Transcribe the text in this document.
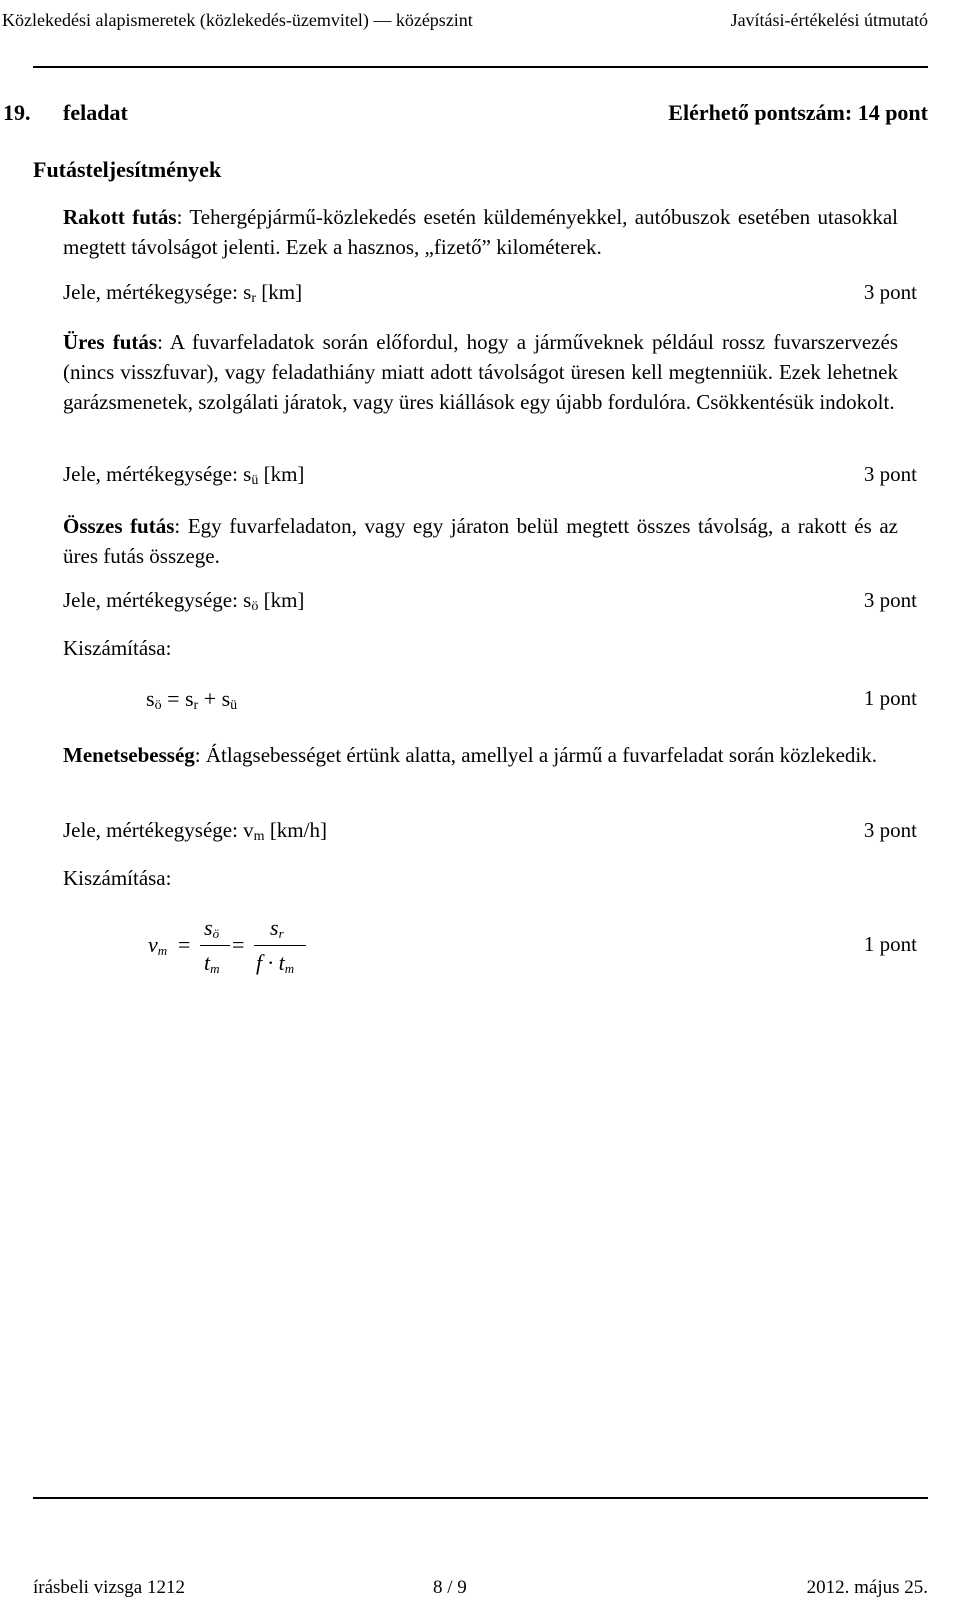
Közlekedési alapismeretek (közlekedés-üzemvitel) — középszint	Javítási-értékelési útmutató
19. feladat	Elérhető pontszám: 14 pont
Futásteljesítmények
Rakott futás: Tehergépjármű-közlekedés esetén küldeményekkel, autóbuszok esetében utasokkal megtett távolságot jelenti. Ezek a hasznos, „fizető” kilométerek.
Jele, mértékegysége: $s_r$ [km]	3 pont
Üres futás: A fuvarfeladatok során előfordul, hogy a járműveknek például rossz fuvarszervezés (nincs visszfuvar), vagy feladathiány miatt adott távolságot üresen kell megtenniük. Ezek lehetnek garázsmenetek, szolgálati járatok, vagy üres kiállások egy újabb fordulóra. Csökkentésük indokolt.
Jele, mértékegysége: $s_ü$ [km]	3 pont
Összes futás: Egy fuvarfeladaton, vagy egy járaton belül megtett összes távolság, a rakott és az üres futás összege.
Jele, mértékegysége: $s_ö$ [km]	3 pont
Kiszámítása:
$s_ö = s_r + s_ü$	1 pont
Menetsebesség: Átlagsebességet értünk alatta, amellyel a jármű a fuvarfeladat során közlekedik.
Jele, mértékegysége: $v_m$ [km/h]	3 pont
Kiszámítása:
$v_m$ =
$s_ö$
$t_m$
=
$s_r$
$f \cdot t_m$
1 pont
írásbeli vizsga 1212	8 / 9	2012. május 25.
